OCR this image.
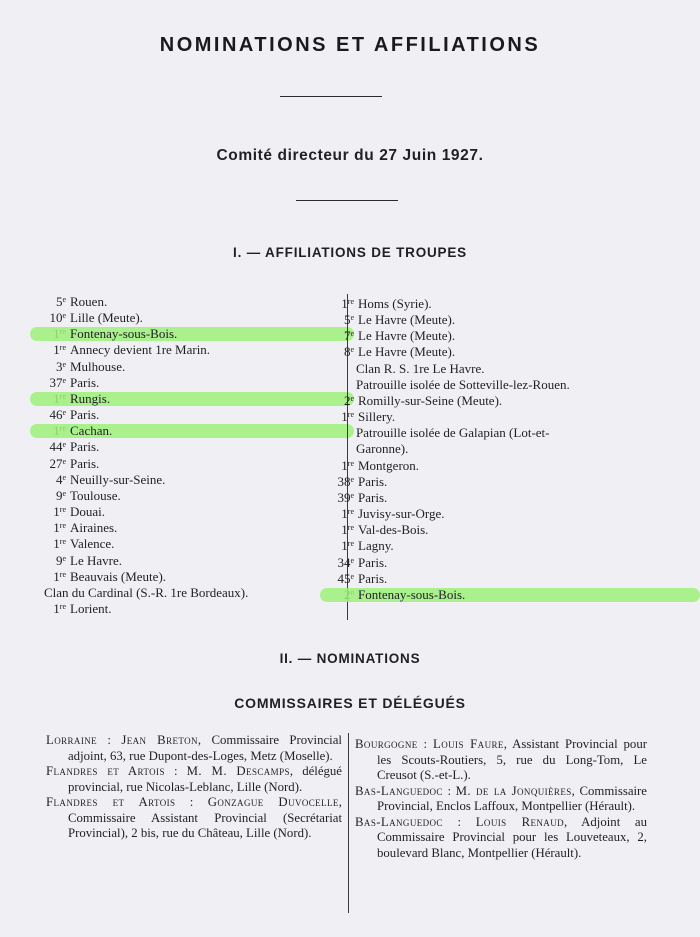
NOMINATIONS ET AFFILIATIONS
Comité directeur du 27 Juin 1927.
I. — AFFILIATIONS DE TROUPES
5e Rouen.
10e Lille (Meute).
Fontenay-sous-Bois.
1re Annecy devient 1re Marin.
3e Mulhouse.
37e Paris.
Rungis.
46e Paris.
Cachan.
44e Paris.
27e Paris.
4e Neuilly-sur-Seine.
9e Toulouse.
1re Douai.
1re Airaines.
1re Valence.
9e Le Havre.
1re Beauvais (Meute).
Clan du Cardinal (S.-R. 1re Bordeaux).
1re Lorient.
1re Homs (Syrie).
5e Le Havre (Meute).
7e Le Havre (Meute).
8e Le Havre (Meute).
Clan R. S. 1re Le Havre.
Patrouille isolée de Sotteville-lez-Rouen.
2e Romilly-sur-Seine (Meute).
1re Sillery.
Patrouille isolée de Galapian (Lot-et-
Garonne).
1re Montgeron.
38e Paris.
39e Paris.
1re Juvisy-sur-Orge.
1re Val-des-Bois.
1re Lagny.
34e Paris.
45e Paris.
Fontenay-sous-Bois.
II. — NOMINATIONS
COMMISSAIRES ET DÉLÉGUÉS
Lorraine : Jean Breton, Commissaire Provincial adjoint, 63, rue Dupont-des-Loges, Metz (Moselle).
Flandres et Artois : M. M. Descamps, délégué provincial, rue Nicolas-Leblanc, Lille (Nord).
Flandres et Artois : Gonzague Duvocelle, Commissaire Assistant Provincial (Secrétariat Provincial), 2 bis, rue du Château, Lille (Nord).
Bourgogne : Louis Faure, Assistant Provincial pour les Scouts-Routiers, 5, rue du Long-Tom, Le Creusot (S.-et-L.).
Bas-Languedoc : M. de la Jonquières, Commissaire Provincial, Enclos Laffoux, Montpellier (Hérault).
Bas-Languedoc : Louis Renaud, Adjoint au Commissaire Provincial pour les Louveteaux, 2, boulevard Blanc, Montpellier (Hérault).
